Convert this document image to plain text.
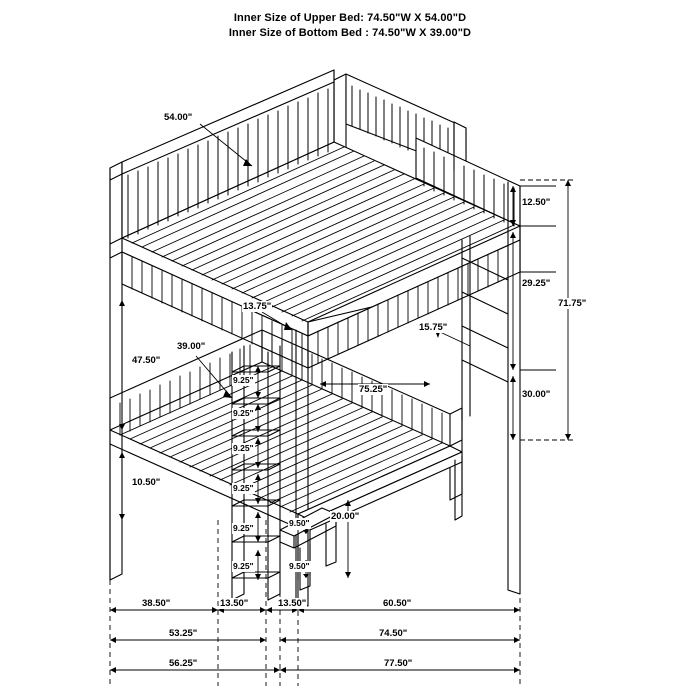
Inner Size of Upper Bed: 74.50"W X 54.00"D
Inner Size of Bottom Bed : 74.50"W X 39.00"D
54.00"
12.50"
29.25"
71.75"
13.75"
15.75"
47.50"
39.00"
9.25"
75.25"	30.00"
9.25"
9.25"
10.50"	9.25"
9.50"
20.00"
9.25"
9.50"
9.25"
38.50"	13.50"	13.50"	60.50"
53.25"	74.50"
56.25"	77.50"
